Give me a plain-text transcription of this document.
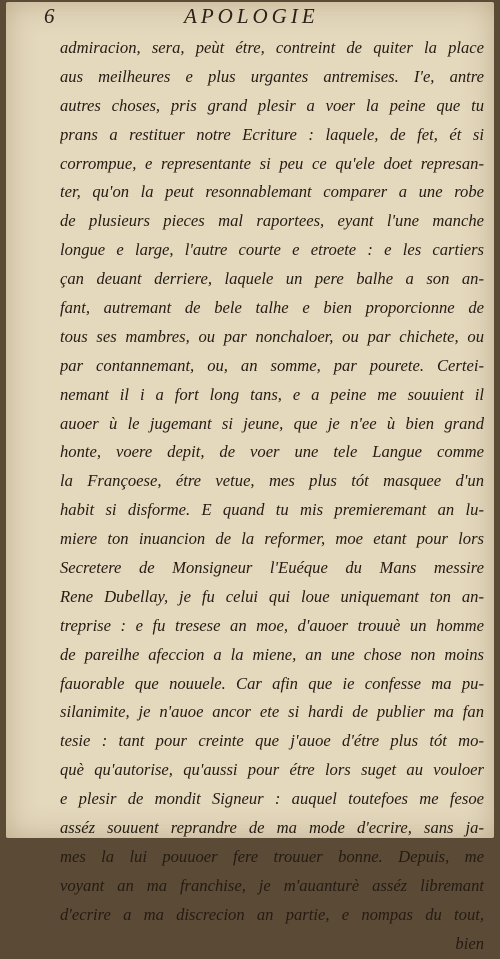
6	APOLOGIE
admiracion, sera, peùt étre, contreint de quiter la place
aus meilheures e plus urgantes antremises. I'e, antre
autres choses, pris grand plesir a voer la peine que tu
prans a restituer notre Ecriture : laquele, de fet, ét si
corrompue, e representante si peu ce qu'ele doet represan-
ter, qu'on la peut resonnablemant comparer a une robe
de plusieurs pieces mal raportees, eyant l'une manche
longue e large, l'autre courte e etroete : e les cartiers
çan deuant derriere, laquele un pere balhe a son an-
fant, autremant de bele talhe e bien proporcionne de
tous ses mambres, ou par nonchaloer, ou par chichete, ou
par contannemant, ou, an somme, par pourete. Certei-
nemant il i a fort long tans, e a peine me souuient il
auoer ù le jugemant si jeune, que je n'ee ù bien grand
honte, voere depit, de voer une tele Langue comme
la Françoese, étre vetue, mes plus tót masquee d'un
habit si disforme. E quand tu mis premieremant an lu-
miere ton inuancion de la reformer, moe etant pour lors
Secretere de Monsigneur l'Euéque du Mans messire
Rene Dubellay, je fu celui qui loue uniquemant ton an-
treprise : e fu tresese an moe, d'auoer trouuè un homme
de pareilhe afeccion a la miene, an une chose non moins
fauorable que nouuele. Car afin que ie confesse ma pu-
silanimite, je n'auoe ancor ete si hardi de publier ma fan
tesie : tant pour creinte que j'auoe d'étre plus tót mo-
què qu'autorise, qu'aussi pour étre lors suget au vouloer
e plesir de mondit Signeur : auquel toutefoes me fesoe
asséz souuent reprandre de ma mode d'ecrire, sans ja-
mes la lui pouuoer fere trouuer bonne. Depuis, me
voyant an ma franchise, je m'auanturè asséz libremant
d'ecrire a ma discrecion an partie, e nompas du tout,
bien
